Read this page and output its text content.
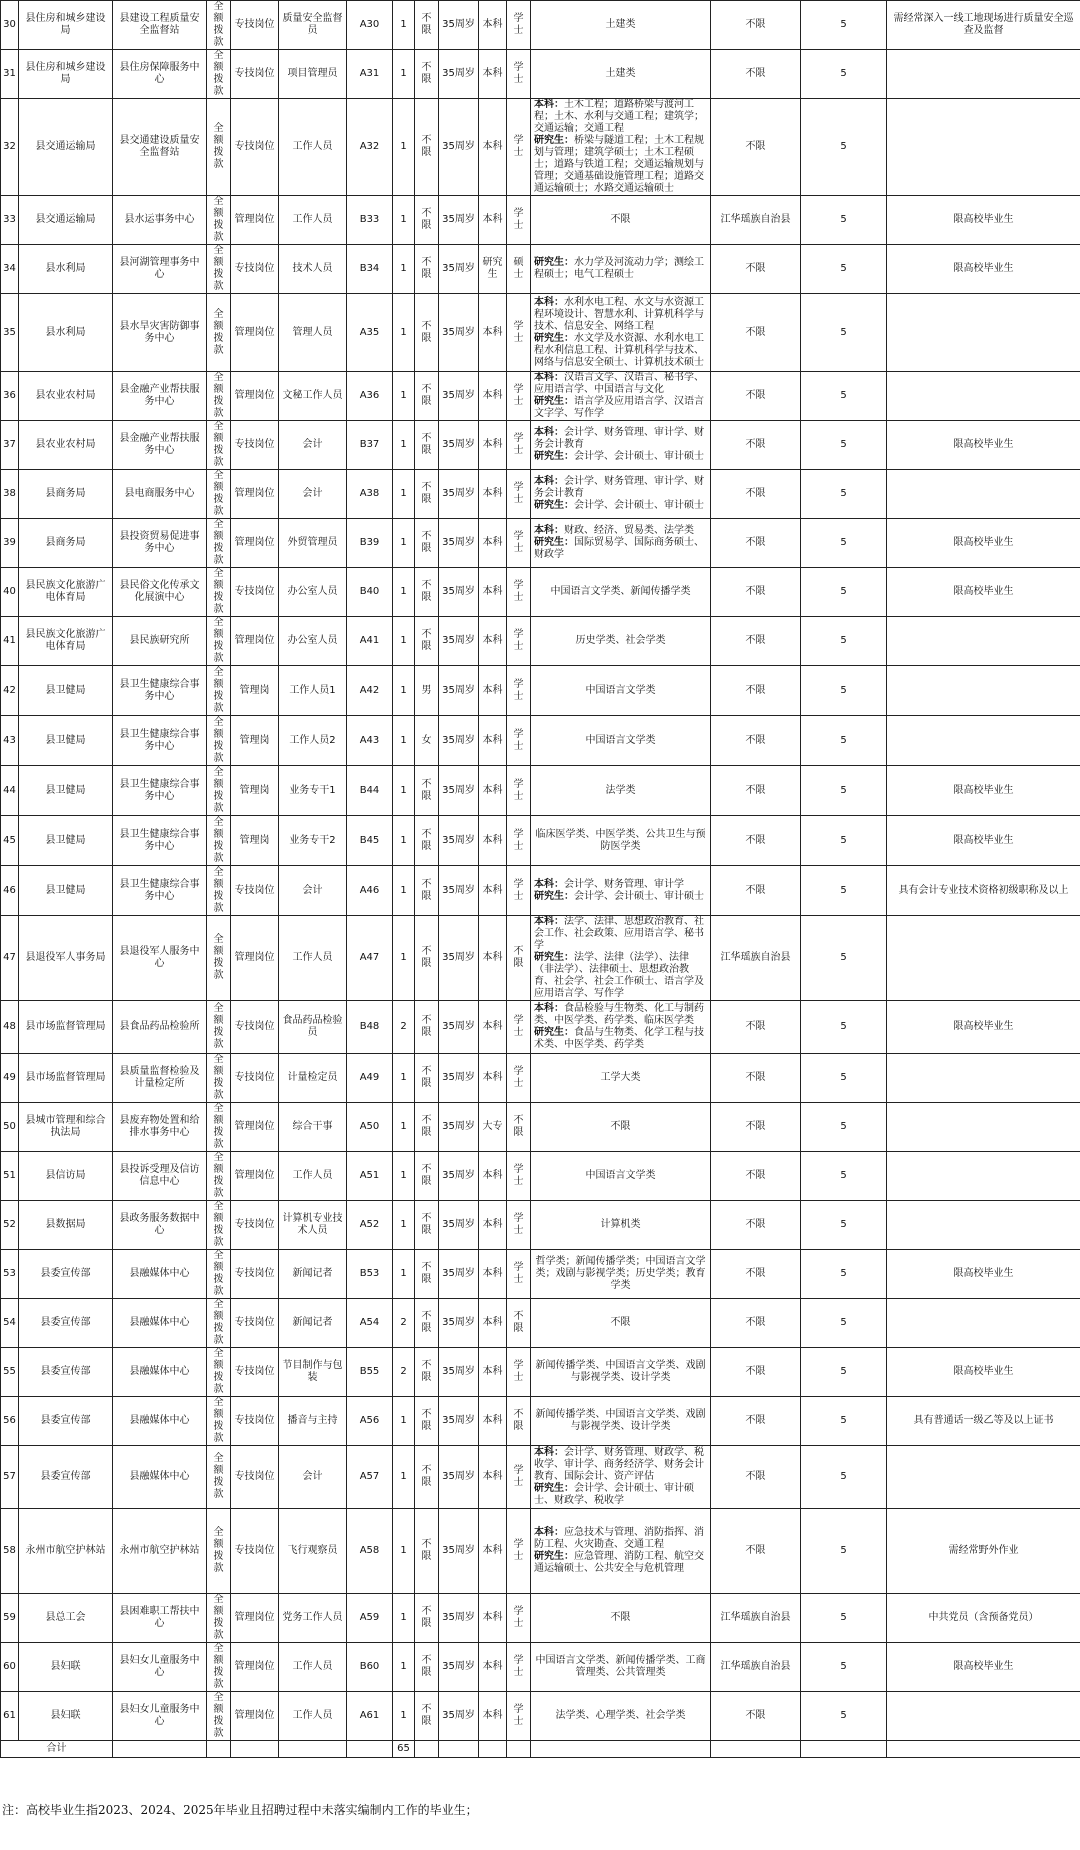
30	县住房和城乡建设局	县建设工程质量安全监督站	全额拨款	专技岗位	质量安全监督员	A30	1	不限	35周岁	本科	学士	土建类	不限	5	需经常深入一线工地现场进行质量安全巡查及监督
31	县住房和城乡建设局	县住房保障服务中心	全额拨款	专技岗位	项目管理员	A31	1	不限	35周岁	本科	学士	土建类	不限	5	
32	县交通运输局	县交通建设质量安全监督站	全额拨款	专技岗位	工作人员	A32	1	不限	35周岁	本科	学士	本科：土木工程；道路桥梁与渡河工程；土木、水利与交通工程；建筑学；交通运输；交通工程
研究生：桥梁与隧道工程；土木工程规划与管理；建筑学硕士；土木工程硕士；道路与铁道工程；交通运输规划与管理；交通基础设施管理工程；道路交通运输硕士；水路交通运输硕士	不限	5	
33	县交通运输局	县水运事务中心	全额拨款	管理岗位	工作人员	B33	1	不限	35周岁	本科	学士	不限	江华瑶族自治县	5	限高校毕业生
34	县水利局	县河湖管理事务中心	全额拨款	专技岗位	技术人员	B34	1	不限	35周岁	研究生	硕士	研究生：水力学及河流动力学；测绘工程硕士；电气工程硕士	不限	5	限高校毕业生
35	县水利局	县水旱灾害防御事务中心	全额拨款	管理岗位	管理人员	A35	1	不限	35周岁	本科	学士	本科：水利水电工程、水文与水资源工程环境设计、智慧水利、计算机科学与技术、信息安全、网络工程
研究生：水文学及水资源、水利水电工程水利信息工程、计算机科学与技术、网络与信息安全硕士、计算机技术硕士	不限	5	
36	县农业农村局	县金融产业帮扶服务中心	全额拨款	管理岗位	文秘工作人员	A36	1	不限	35周岁	本科	学士	本科：汉语言文学、汉语言、秘书学、应用语言学、中国语言与文化
研究生：语言学及应用语言学、汉语言文字学、写作学	不限	5	
37	县农业农村局	县金融产业帮扶服务中心	全额拨款	专技岗位	会计	B37	1	不限	35周岁	本科	学士	本科：会计学、财务管理、审计学、财务会计教育
研究生：会计学、会计硕士、审计硕士	不限	5	限高校毕业生
38	县商务局	县电商服务中心	全额拨款	管理岗位	会计	A38	1	不限	35周岁	本科	学士	本科：会计学、财务管理、审计学、财务会计教育
研究生：会计学、会计硕士、审计硕士	不限	5	
39	县商务局	县投资贸易促进事务中心	全额拨款	管理岗位	外贸管理员	B39	1	不限	35周岁	本科	学士	本科：财政、经济、贸易类、法学类
研究生：国际贸易学、国际商务硕士、财政学	不限	5	限高校毕业生
40	县民族文化旅游广电体育局	县民俗文化传承文化展演中心	全额拨款	专技岗位	办公室人员	B40	1	不限	35周岁	本科	学士	中国语言文学类、新闻传播学类	不限	5	限高校毕业生
41	县民族文化旅游广电体育局	县民族研究所	全额拨款	管理岗位	办公室人员	A41	1	不限	35周岁	本科	学士	历史学类、社会学类	不限	5	
42	县卫健局	县卫生健康综合事务中心	全额拨款	管理岗	工作人员1	A42	1	男	35周岁	本科	学士	中国语言文学类	不限	5	
43	县卫健局	县卫生健康综合事务中心	全额拨款	管理岗	工作人员2	A43	1	女	35周岁	本科	学士	中国语言文学类	不限	5	
44	县卫健局	县卫生健康综合事务中心	全额拨款	管理岗	业务专干1	B44	1	不限	35周岁	本科	学士	法学类	不限	5	限高校毕业生
45	县卫健局	县卫生健康综合事务中心	全额拨款	管理岗	业务专干2	B45	1	不限	35周岁	本科	学士	临床医学类、中医学类、公共卫生与预防医学类	不限	5	限高校毕业生
46	县卫健局	县卫生健康综合事务中心	全额拨款	专技岗位	会计	A46	1	不限	35周岁	本科	学士	本科：会计学、财务管理、审计学
研究生：会计学、会计硕士、审计硕士	不限	5	具有会计专业技术资格初级职称及以上
47	县退役军人事务局	县退役军人服务中心	全额拨款	管理岗位	工作人员	A47	1	不限	35周岁	本科	不限	本科：法学、法律、思想政治教育、社会工作、社会政策、应用语言学、秘书学
研究生：法学、法律（法学）、法律（非法学）、法律硕士、思想政治教育、社会学、社会工作硕士、语言学及应用语言学、写作学	江华瑶族自治县	5	
48	县市场监督管理局	县食品药品检验所	全额拨款	专技岗位	食品药品检验员	B48	2	不限	35周岁	本科	学士	本科：食品检验与生物类、化工与制药类、中医学类、药学类、临床医学类
研究生：食品与生物类、化学工程与技术类、中医学类、药学类	不限	5	限高校毕业生
49	县市场监督管理局	县质量监督检验及计量检定所	全额拨款	专技岗位	计量检定员	A49	1	不限	35周岁	本科	学士	工学大类	不限	5	
50	县城市管理和综合执法局	县废弃物处置和给排水事务中心	全额拨款	管理岗位	综合干事	A50	1	不限	35周岁	大专	不限	不限	不限	5	
51	县信访局	县投诉受理及信访信息中心	全额拨款	管理岗位	工作人员	A51	1	不限	35周岁	本科	学士	中国语言文学类	不限	5	
52	县数据局	县政务服务数据中心	全额拨款	专技岗位	计算机专业技术人员	A52	1	不限	35周岁	本科	学士	计算机类	不限	5	
53	县委宣传部	县融媒体中心	全额拨款	专技岗位	新闻记者	B53	1	不限	35周岁	本科	学士	哲学类；新闻传播学类；中国语言文学类；戏剧与影视学类；历史学类；教育学类	不限	5	限高校毕业生
54	县委宣传部	县融媒体中心	全额拨款	专技岗位	新闻记者	A54	2	不限	35周岁	本科	不限	不限	不限	5	
55	县委宣传部	县融媒体中心	全额拨款	专技岗位	节目制作与包装	B55	2	不限	35周岁	本科	学士	新闻传播学类、中国语言文学类、戏剧与影视学类、设计学类	不限	5	限高校毕业生
56	县委宣传部	县融媒体中心	全额拨款	专技岗位	播音与主持	A56	1	不限	35周岁	本科	不限	新闻传播学类、中国语言文学类、戏剧与影视学类、设计学类	不限	5	具有普通话一级乙等及以上证书
57	县委宣传部	县融媒体中心	全额拨款	专技岗位	会计	A57	1	不限	35周岁	本科	学士	本科：会计学、财务管理、财政学、税收学、审计学、商务经济学、财务会计教育、国际会计、资产评估
研究生：会计学、会计硕士、审计硕士、财政学、税收学	不限	5	
58	永州市航空护林站	永州市航空护林站	全额拨款	专技岗位	飞行观察员	A58	1	不限	35周岁	本科	学士	本科：应急技术与管理、消防指挥、消防工程、火灾勘查、交通工程
研究生：应急管理、消防工程、航空交通运输硕士、公共安全与危机管理	不限	5	需经常野外作业
59	县总工会	县困难职工帮扶中心	全额拨款	管理岗位	党务工作人员	A59	1	不限	35周岁	本科	学士	不限	江华瑶族自治县	5	中共党员（含预备党员）
60	县妇联	县妇女儿童服务中心	全额拨款	管理岗位	工作人员	B60	1	不限	35周岁	本科	学士	中国语言文学类、新闻传播学类、工商管理类、公共管理类	江华瑶族自治县	5	限高校毕业生
61	县妇联	县妇女儿童服务中心	全额拨款	管理岗位	工作人员	A61	1	不限	35周岁	本科	学士	法学类、心理学类、社会学类	不限	5	
合计							65								
注：高校毕业生指2023、2024、2025年毕业且招聘过程中未落实编制内工作的毕业生；
